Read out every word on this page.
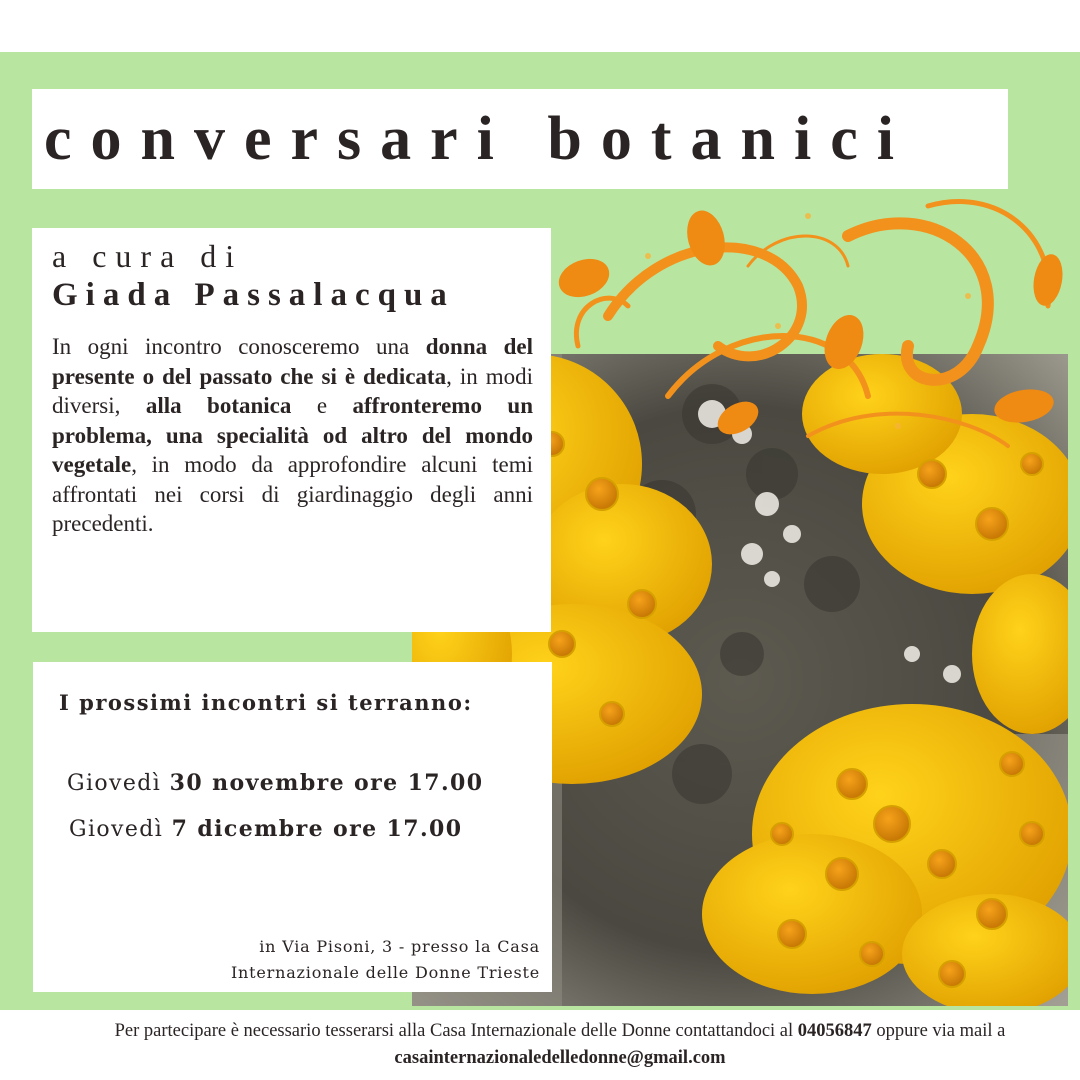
conversari botanici

a cura di

Giada Passalacqua

In ogni incontro conosceremo una donna del presente o del passato che si è dedicata, in modi diversi, alla botanica e affronteremo un problema, una specialità od altro del mondo vegetale, in modo da approfondire alcuni temi affrontati nei corsi di giardinaggio degli anni precedenti.

I prossimi incontri si terranno:

Giovedì 30 novembre ore 17.00

Giovedì 7 dicembre ore 17.00

in Via Pisoni, 3 - presso la Casa
Internazionale delle Donne Trieste

Per partecipare è necessario tesserarsi alla Casa Internazionale delle Donne contattandoci al 04056847 oppure via mail a casainternazionaledelledonne@gmail.com
